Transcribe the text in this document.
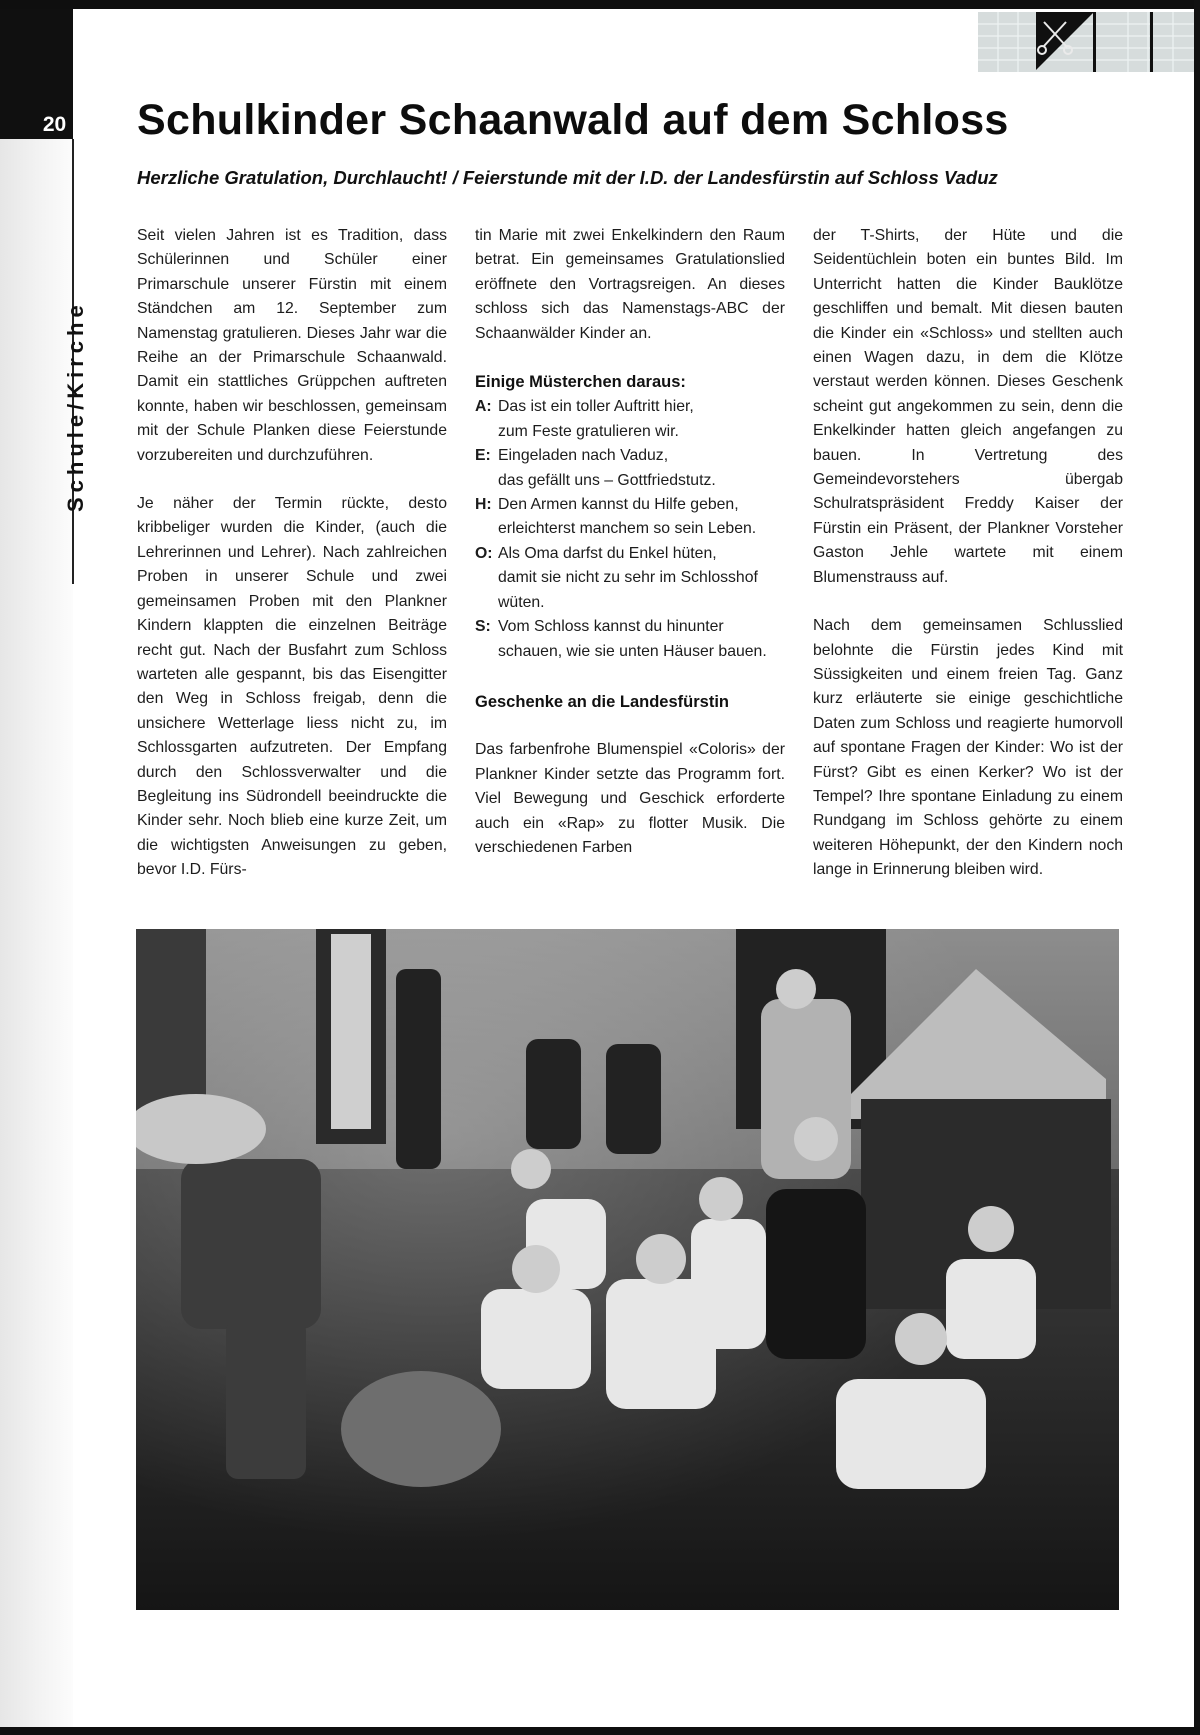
20
Schule/Kirche
Schulkinder Schaanwald auf dem Schloss
Herzliche Gratulation, Durchlaucht! / Feierstunde mit der I.D. der Landesfürstin auf Schloss Vaduz

Seit vielen Jahren ist es Tradition, dass Schülerinnen und Schüler einer Primarschule unserer Fürstin mit einem Ständchen am 12. September zum Namenstag gratulieren. Dieses Jahr war die Reihe an der Primarschule Schaanwald. Damit ein stattliches Grüppchen auftreten konnte, haben wir beschlossen, gemeinsam mit der Schule Planken diese Feierstunde vorzubereiten und durchzuführen.

Je näher der Termin rückte, desto kribbeliger wurden die Kinder, (auch die Lehrerinnen und Lehrer). Nach zahlreichen Proben in unserer Schule und zwei gemeinsamen Proben mit den Plankner Kindern klappten die einzelnen Beiträge recht gut. Nach der Busfahrt zum Schloss warteten alle gespannt, bis das Eisengitter den Weg in Schloss freigab, denn die unsichere Wetterlage liess nicht zu, im Schlossgarten aufzutreten. Der Empfang durch den Schlossverwalter und die Begleitung ins Südrondell beeindruckte die Kinder sehr. Noch blieb eine kurze Zeit, um die wichtigsten Anweisungen zu geben, bevor I.D. Fürs-

tin Marie mit zwei Enkelkindern den Raum betrat. Ein gemeinsames Gratulationslied eröffnete den Vortragsreigen. An dieses schloss sich das Namenstags-ABC der Schaanwälder Kinder an.

Einige Müsterchen daraus:
A: Das ist ein toller Auftritt hier,
zum Feste gratulieren wir.
E: Eingeladen nach Vaduz,
das gefällt uns – Gottfriedstutz.
H: Den Armen kannst du Hilfe geben,
erleichterst manchem so sein Leben.
O: Als Oma darfst du Enkel hüten,
damit sie nicht zu sehr im Schlosshof wüten.
S: Vom Schloss kannst du hinunter
schauen, wie sie unten Häuser bauen.
Geschenke an die Landesfürstin

Das farbenfrohe Blumenspiel «Coloris» der Plankner Kinder setzte das Programm fort. Viel Bewegung und Geschick erforderte auch ein «Rap» zu flotter Musik. Die verschiedenen Farben

der T-Shirts, der Hüte und die Seidentüchlein boten ein buntes Bild. Im Unterricht hatten die Kinder Bauklötze geschliffen und bemalt. Mit diesen bauten die Kinder ein «Schloss» und stellten auch einen Wagen dazu, in dem die Klötze verstaut werden können. Dieses Geschenk scheint gut angekommen zu sein, denn die Enkelkinder hatten gleich angefangen zu bauen. In Vertretung des Gemeindevorstehers übergab Schulratspräsident Freddy Kaiser der Fürstin ein Präsent, der Plankner Vorsteher Gaston Jehle wartete mit einem Blumenstrauss auf.

Nach dem gemeinsamen Schlusslied belohnte die Fürstin jedes Kind mit Süssigkeiten und einem freien Tag. Ganz kurz erläuterte sie einige geschichtliche Daten zum Schloss und reagierte humorvoll auf spontane Fragen der Kinder: Wo ist der Fürst? Gibt es einen Kerker? Wo ist der Tempel? Ihre spontane Einladung zu einem Rundgang im Schloss gehörte zu einem weiteren Höhepunkt, der den Kindern noch lange in Erinnerung bleiben wird.
